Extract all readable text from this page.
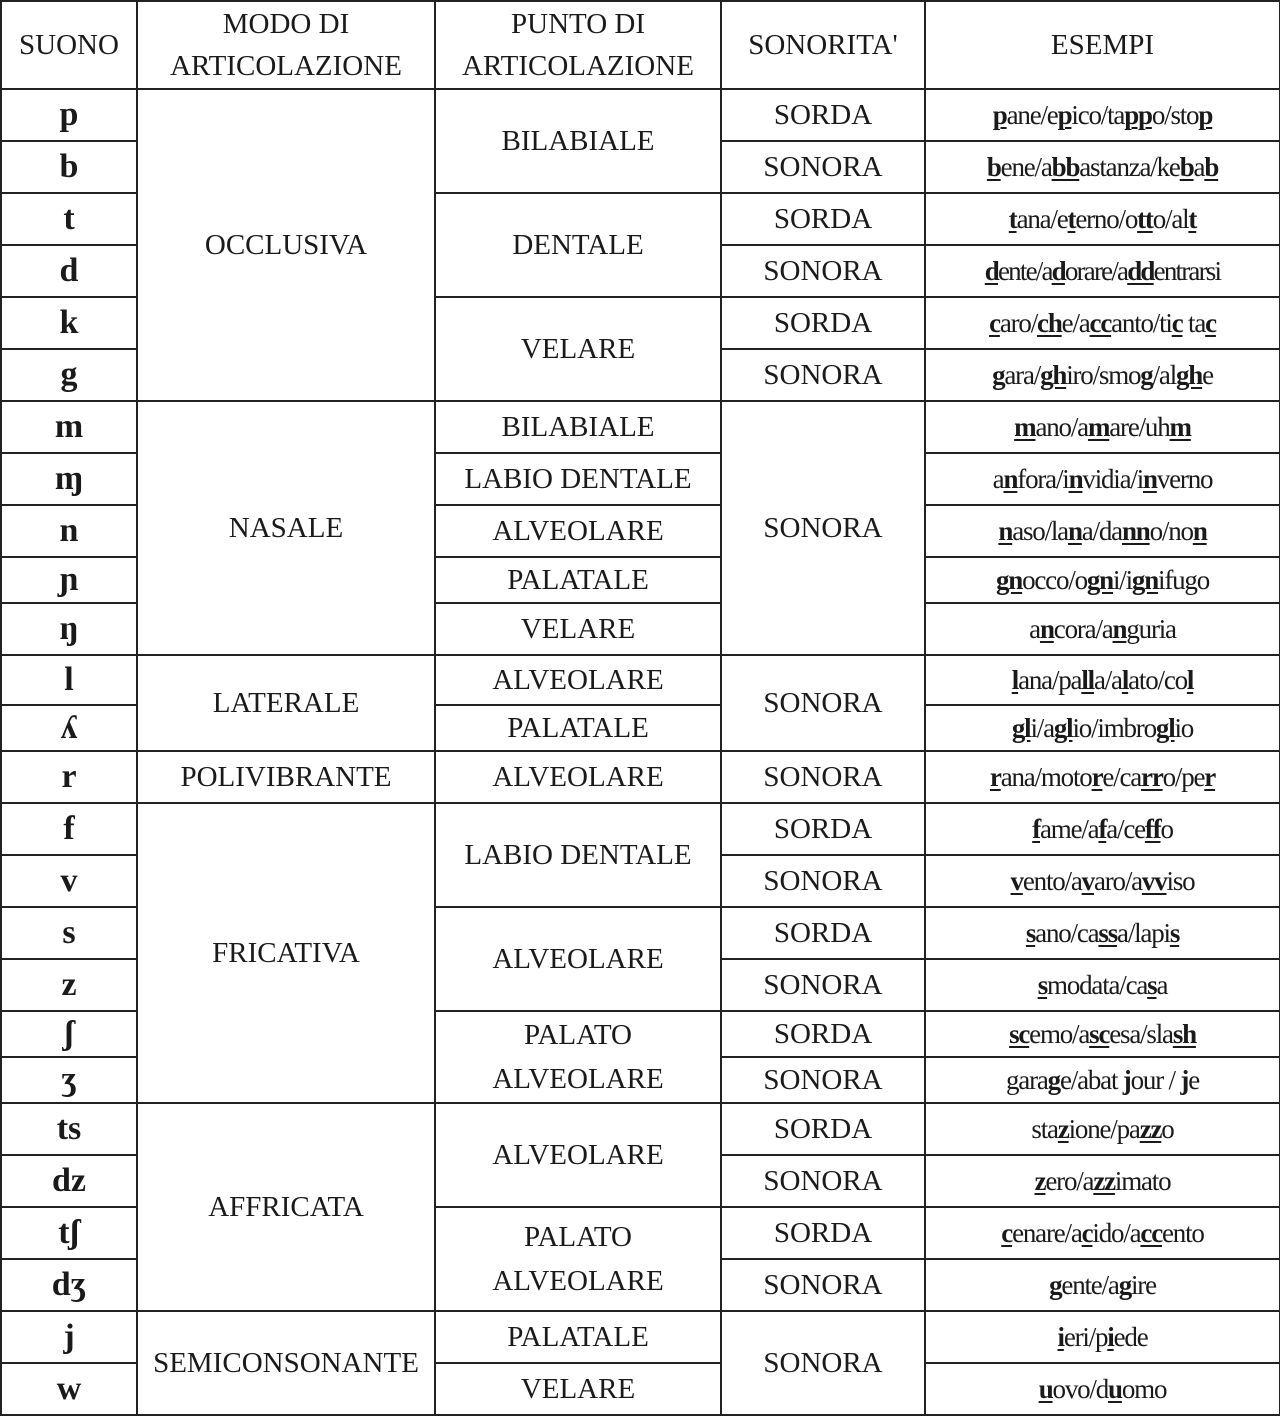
SUONO	MODO DI ARTICOLAZIONE	PUNTO DI ARTICOLAZIONE	SONORITA'	ESEMPI
p	OCCLUSIVA	BILABIALE	SORDA	pane/epico/tappo/stop
b			SONORA	bene/abbastanza/kebab
t		DENTALE	SORDA	tana/eterno/otto/alt
d			SONORA	dente/adorare/addentrarsi
k		VELARE	SORDA	caro/che/accanto/tic tac
g			SONORA	gara/ghiro/smog/alghe
m	NASALE	BILABIALE	SONORA	mano/amare/uhm
ɱ		LABIO DENTALE		anfora/invidia/inverno
n		ALVEOLARE		naso/lana/danno/non
ɲ		PALATALE		gnocco/ogni/ignifugo
ŋ		VELARE		ancora/anguria
l	LATERALE	ALVEOLARE	SONORA	lana/palla/alato/col
ʎ		PALATALE		gli/aglio/imbroglio
r	POLIVIBRANTE	ALVEOLARE	SONORA	rana/motore/carro/per
f	FRICATIVA	LABIO DENTALE	SORDA	fame/afa/ceffo
v			SONORA	vento/avaro/avviso
s		ALVEOLARE	SORDA	sano/cassa/lapis
z			SONORA	smodata/casa
ʃ		PALATO ALVEOLARE	SORDA	scemo/ascesa/slash
ʒ			SONORA	garage/abat jour / je
ts	AFFRICATA	ALVEOLARE	SORDA	stazione/pazzo
dz			SONORA	zero/azzimato
tʃ		PALATO ALVEOLARE	SORDA	cenare/acido/accento
dʒ			SONORA	gente/agire
j	SEMICONSONANTE	PALATALE	SONORA	ieri/piede
w		VELARE		uovo/duomo
